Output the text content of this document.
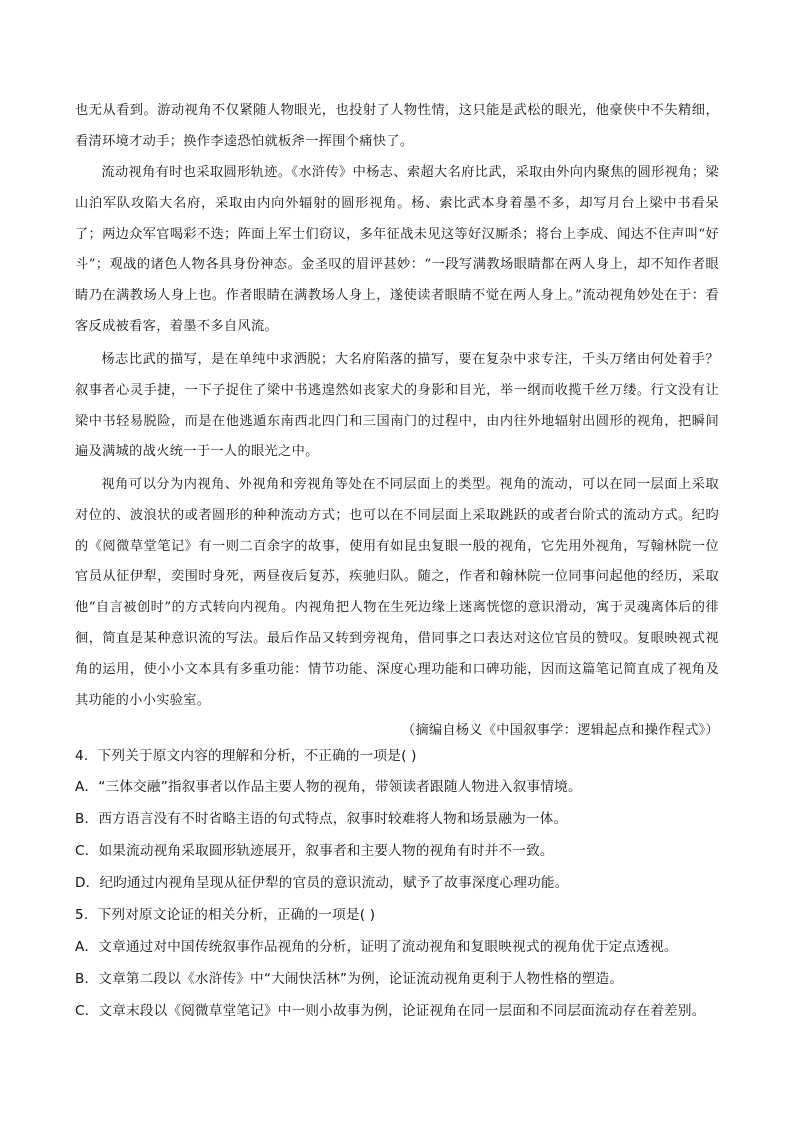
也无从看到。游动视角不仅紧随人物眼光，也投射了人物性情，这只能是武松的眼光，他豪侠中不失精细，看清环境才动手；换作李逵恐怕就板斧一挥围个痛快了。
流动视角有时也采取圆形轨迹。《水浒传》中杨志、索超大名府比武，采取由外向内聚焦的圆形视角；梁山泊军队攻陷大名府，采取由内向外辐射的圆形视角。杨、索比武本身着墨不多，却写月台上梁中书看呆了；两边众军官喝彩不迭；阵面上军士们窃议，多年征战未见这等好汉厮杀；将台上李成、闻达不住声叫“好斗”；观战的诸色人物各具身份神态。金圣叹的眉评甚妙：“一段写满教场眼睛都在两人身上，却不知作者眼睛乃在满教场人身上也。作者眼睛在满教场人身上，遂使读者眼睛不觉在两人身上。”流动视角妙处在于：看客反成被看客，着墨不多自风流。
杨志比武的描写，是在单纯中求洒脱；大名府陷落的描写，要在复杂中求专注，千头万绪由何处着手？叙事者心灵手捷，一下子捉住了梁中书逃遑然如丧家犬的身影和目光，举一纲而收揽千丝万缕。行文没有让梁中书轻易脱险，而是在他逃遁东南西北四门和三国南门的过程中，由内往外地辐射出圆形的视角，把瞬间遍及满城的战火统一于一人的眼光之中。
视角可以分为内视角、外视角和旁视角等处在不同层面上的类型。视角的流动，可以在同一层面上采取对位的、波浪状的或者圆形的种种流动方式；也可以在不同层面上采取跳跃的或者台阶式的流动方式。纪昀的《阅微草堂笔记》有一则二百余字的故事，使用有如昆虫复眼一般的视角，它先用外视角，写翰林院一位官员从征伊犁，奕围时身死，两昼夜后复苏，疾驰归队。随之，作者和翰林院一位同事问起他的经历，采取他“自言被创时”的方式转向内视角。内视角把人物在生死边缘上迷离恍惚的意识滑动，寓于灵魂离体后的徘徊，简直是某种意识流的写法。最后作品又转到旁视角，借同事之口表达对这位官员的赞叹。复眼映视式视角的运用，使小小文本具有多重功能：情节功能、深度心理功能和口碑功能，因而这篇笔记简直成了视角及其功能的小小实验室。
（摘编自杨义《中国叙事学：逻辑起点和操作程式》）
4．下列关于原文内容的理解和分析，不正确的一项是( )
A．“三体交融”指叙事者以作品主要人物的视角，带领读者跟随人物进入叙事情境。
B．西方语言没有不时省略主语的句式特点，叙事时较难将人物和场景融为一体。
C．如果流动视角采取圆形轨迹展开，叙事者和主要人物的视角有时并不一致。
D．纪昀通过内视角呈现从征伊犁的官员的意识流动，赋予了故事深度心理功能。
5．下列对原文论证的相关分析，正确的一项是( )
A．文章通过对中国传统叙事作品视角的分析，证明了流动视角和复眼映视式的视角优于定点透视。
B．文章第二段以《水浒传》中“大闹快活林”为例，论证流动视角更利于人物性格的塑造。
C．文章末段以《阅微草堂笔记》中一则小故事为例，论证视角在同一层面和不同层面流动存在着差别。
